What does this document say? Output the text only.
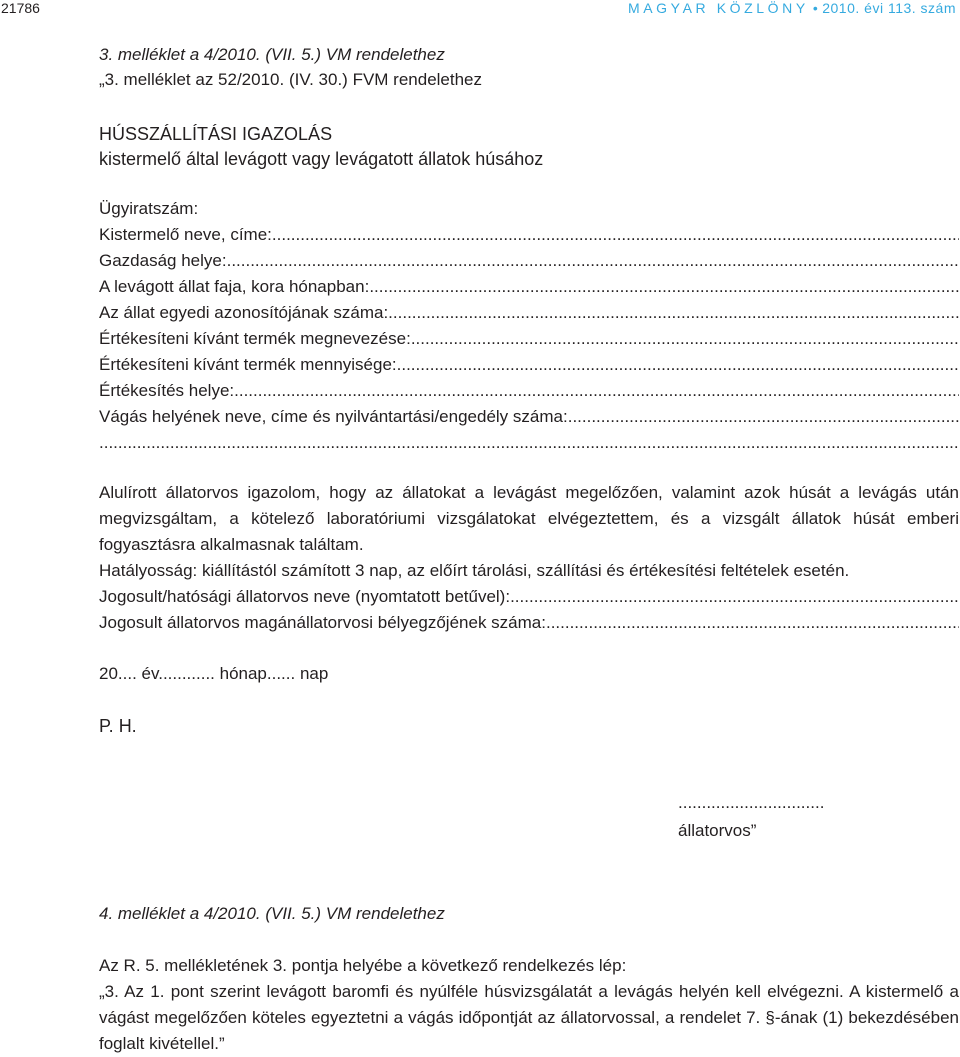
21786	MAGYAR KÖZLÖNY • 2010. évi 113. szám
3. melléklet a 4/2010. (VII. 5.) VM rendelethez
„3. melléklet az 52/2010. (IV. 30.) FVM rendelethez
HÚSSZÁLLÍTÁSI IGAZOLÁS
kistermelő által levágott vagy levágatott állatok húsához
Ügyiratszám:
Kistermelő neve, címe:
.....
Gazdaság helye:
.....
A levágott állat faja, kora hónapban:
.....
Az állat egyedi azonosítójának száma:
.....
Értékesíteni kívánt termék megnevezése:
.....
Értékesíteni kívánt termék mennyisége:
.....
Értékesítés helye:
.....
Vágás helyének neve, címe és nyilvántartási/engedély száma:
.....
.....
Alulírott állatorvos igazolom, hogy az állatokat a levágást megelőzően, valamint azok húsát a levágás után megvizsgáltam, a kötelező laboratóriumi vizsgálatokat elvégeztettem, és a vizsgált állatok húsát emberi fogyasztásra alkalmasnak találtam.
Hatályosság: kiállítástól számított 3 nap, az előírt tárolási, szállítási és értékesítési feltételek esetén.
Jogosult/hatósági állatorvos neve (nyomtatott betűvel):
.....
Jogosult állatorvos magánállatorvosi bélyegzőjének száma:
.....
20.... év............ hónap...... nap
P. H.
...............................
állatorvos”
4. melléklet a 4/2010. (VII. 5.) VM rendelethez
Az R. 5. mellékletének 3. pontja helyébe a következő rendelkezés lép:
„3. Az 1. pont szerint levágott baromfi és nyúlféle húsvizsgálatát a levágás helyén kell elvégezni. A kistermelő a vágást megelőzően köteles egyeztetni a vágás időpontját az állatorvossal, a rendelet 7. §-ának (1) bekezdésében foglalt kivétellel.”
